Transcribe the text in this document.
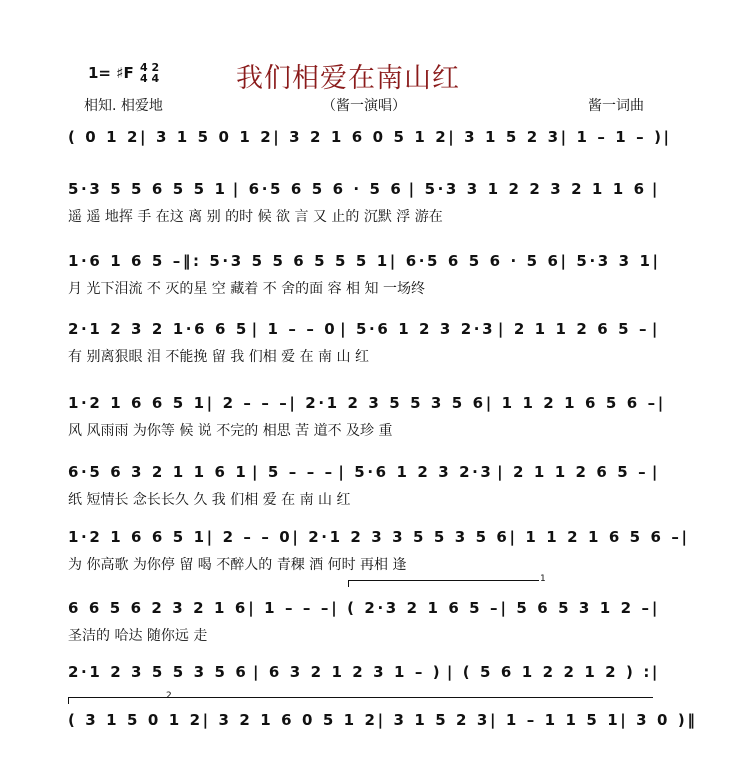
1= ♯F 4 2
4 4	我们相爱在南山红
相知. 相爱地	（酱一演唱）	酱一词曲
( 0 1 2 | 3 1 5 0 1 2 | 3 2 1 6 0 5 1 2 | 3 1 5 2 3 | 1 – 1 – )|
5·3 5 5 6 5 5 1 | 6·5 6 5 6 · 5 6 | 5·3 3 1 2 2 3 2 1 1 6 |
遥 遥 地挥 手 在这 离 别 的时 候 欲 言 又 止的 沉默 浮 游在
1·6 1 6 5 – ‖: 5·3 5 5 6 5 5 5 1 | 6·5 6 5 6 · 5 6 | 5·3 3 1 |
月 光下泪流 不 灭的星 空 藏着 不 舍的面 容 相 知 一场终
2·1 2 3 2 1·6 6 5 | 1 – – 0 | 5·6 1 2 3 2·3 | 2 1 1 2 6 5 – |
有 别离狠眼 泪 不能挽 留 我 们相 爱 在 南 山 红
1·2 1 6 6 5 1 | 2 – – – | 2·1 2 3 5 5 3 5 6 | 1 1 2 1 6 5 6 – |
风 风雨雨 为你等 候 说 不完的 相思 苦 道不 及珍 重
6·5 6 3 2 1 1 6 1 | 5 – – – | 5·6 1 2 3 2·3 | 2 1 1 2 6 5 – |
纸 短情长 念长长久 久 我 们相 爱 在 南 山 红
1·2 1 6 6 5 1 | 2 – – 0 | 2·1 2 3 3 5 5 3 5 6 | 1 1 2 1 6 5 6 – |
为 你高歌 为你停 留 喝 不醉人的 青稞 酒 何时 再相 逢
6 6 5 6 2 3 2 1 6 | 1 – – – | ( 2·3 2 1 6 5 – | 5 6 5 3 1 2 – |
圣洁的 哈达 随你远 走
2·1 2 3 5 5 3 5 6 | 6 3 2 1 2 3 1 – ) | ( 5 6 1 2 2 1 2 ) :|
( 3 1 5 0 1 2 | 3 2 1 6 0 5 1 2 | 3 1 5 2 3 | 1 – 1 1 5 1 | 3 0 )‖
1
2
